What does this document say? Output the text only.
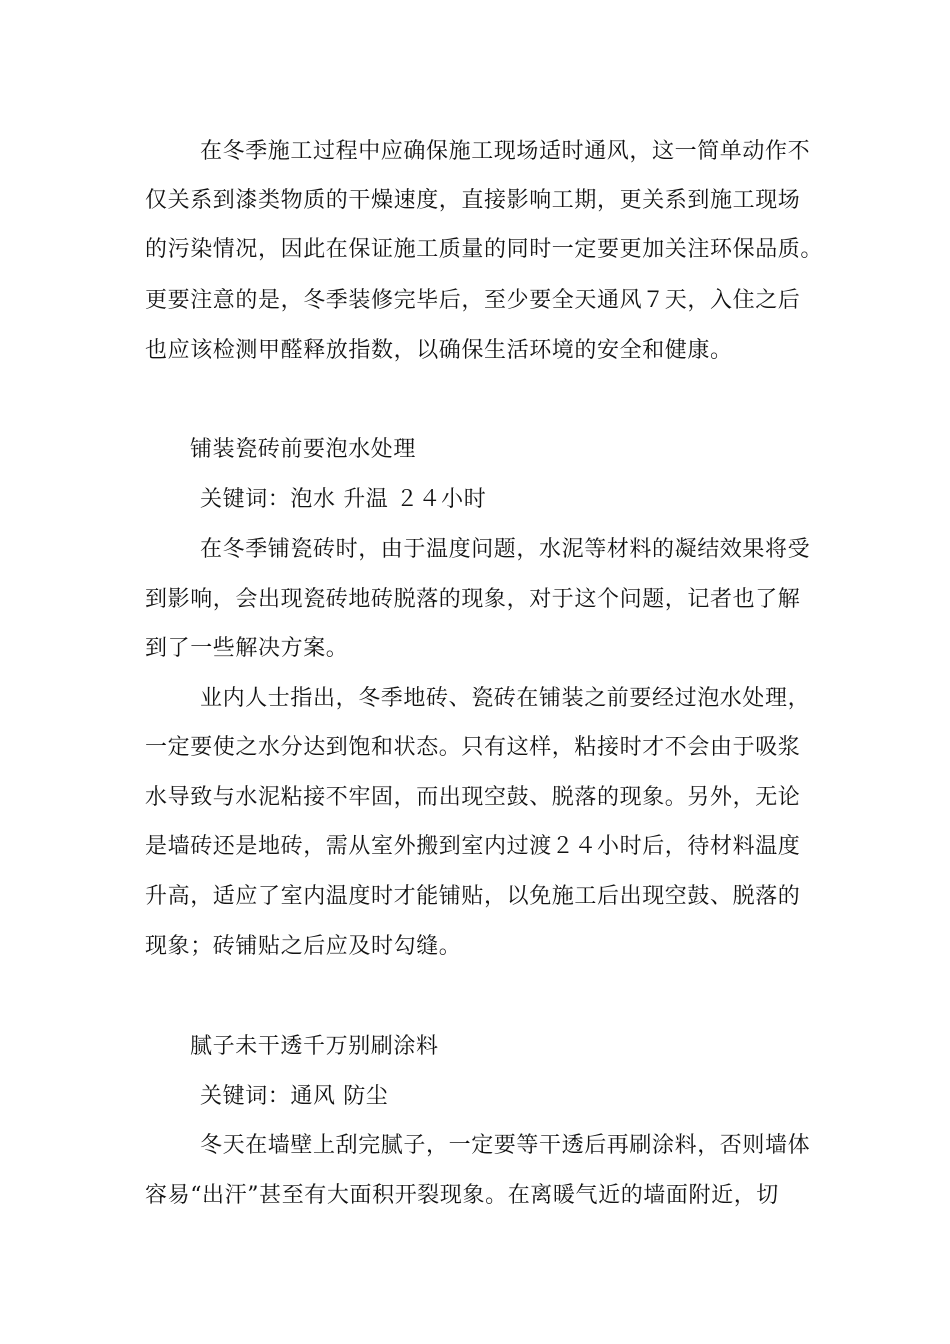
在冬季施工过程中应确保施工现场适时通风，这一简单动作不
仅关系到漆类物质的干燥速度，直接影响工期，更关系到施工现场
的污染情况，因此在保证施工质量的同时一定要更加关注环保品质。
更要注意的是，冬季装修完毕后，至少要全天通风７天，入住之后
也应该检测甲醛释放指数，以确保生活环境的安全和健康。
铺装瓷砖前要泡水处理
关键词：泡水 升温 ２４小时
在冬季铺瓷砖时，由于温度问题，水泥等材料的凝结效果将受
到影响，会出现瓷砖地砖脱落的现象，对于这个问题，记者也了解
到了一些解决方案。
业内人士指出，冬季地砖、瓷砖在铺装之前要经过泡水处理，
一定要使之水分达到饱和状态。只有这样，粘接时才不会由于吸浆
水导致与水泥粘接不牢固，而出现空鼓、脱落的现象。另外，无论
是墙砖还是地砖，需从室外搬到室内过渡２４小时后，待材料温度
升高，适应了室内温度时才能铺贴，以免施工后出现空鼓、脱落的
现象；砖铺贴之后应及时勾缝。
腻子未干透千万别刷涂料
关键词：通风 防尘
冬天在墙壁上刮完腻子，一定要等干透后再刷涂料，否则墙体
容易“出汗”甚至有大面积开裂现象。在离暖气近的墙面附近，切
